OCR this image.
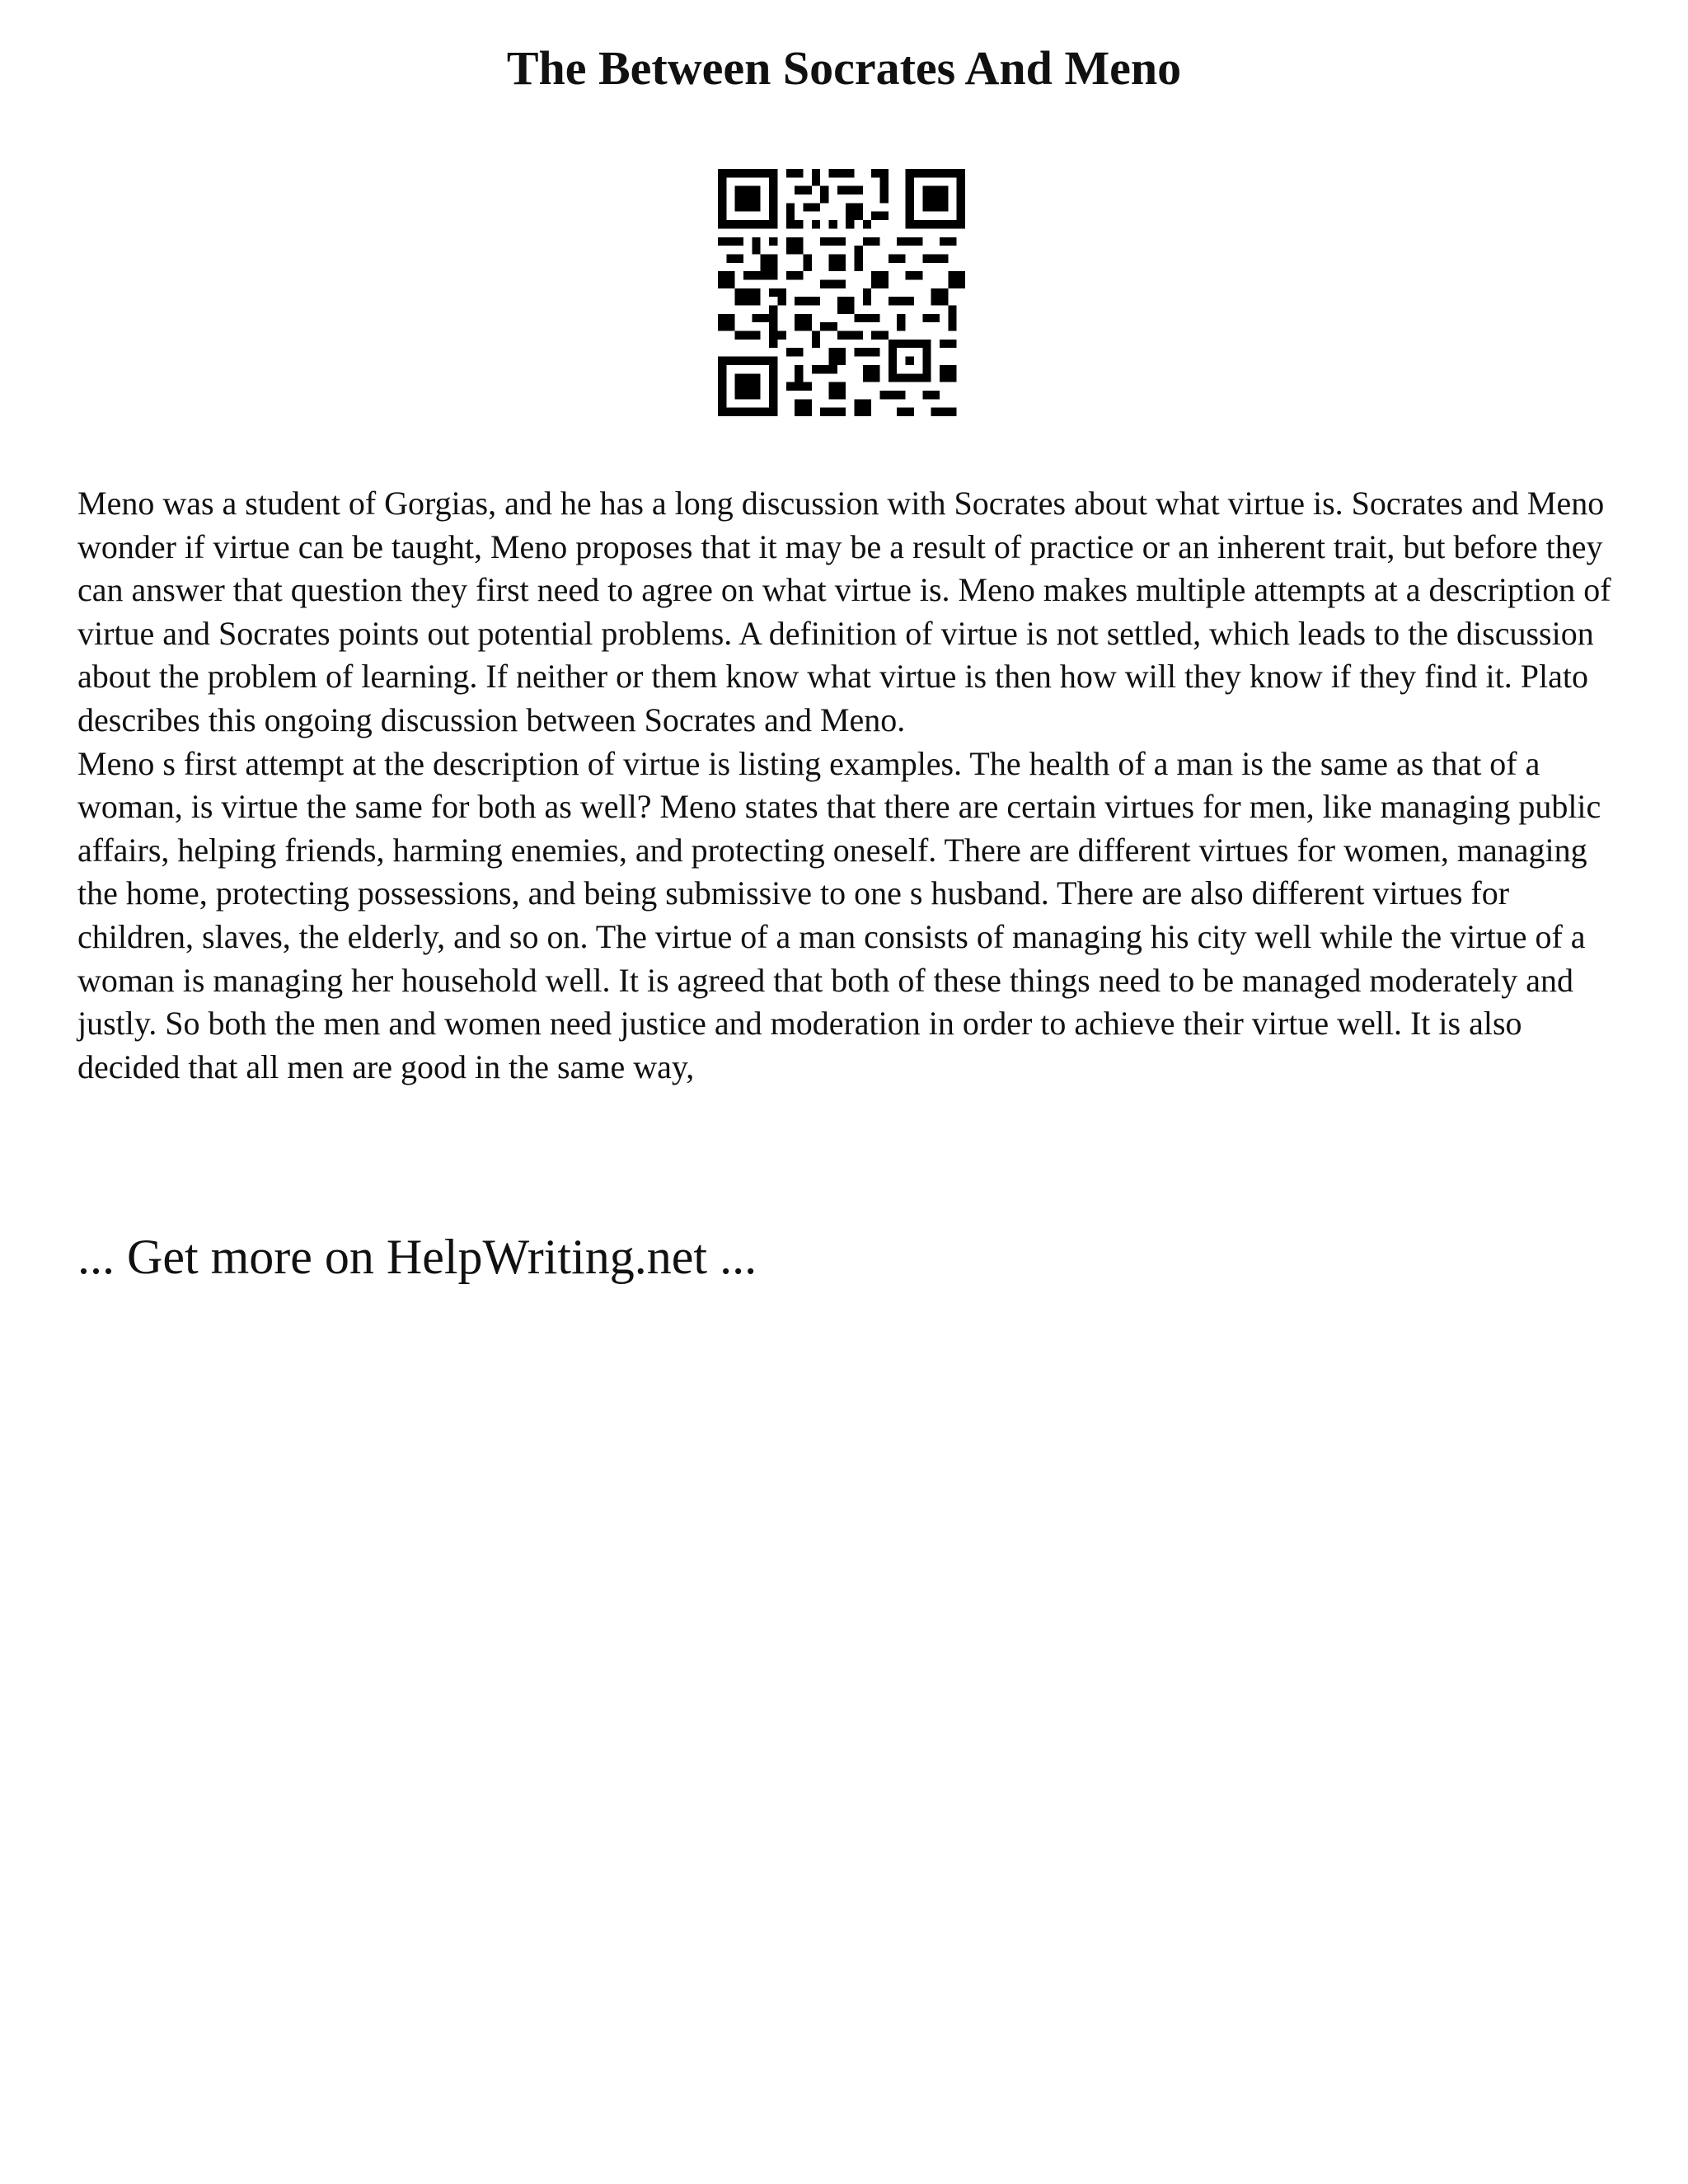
The Between Socrates And Meno

Meno was a student of Gorgias, and he has a long discussion with Socrates about what virtue is. Socrates and Meno wonder if virtue can be taught, Meno proposes that it may be a result of practice or an inherent trait, but before they can answer that question they first need to agree on what virtue is. Meno makes multiple attempts at a description of virtue and Socrates points out potential problems. A definition of virtue is not settled, which leads to the discussion about the problem of learning. If neither or them know what virtue is then how will they know if they find it. Plato describes this ongoing discussion between Socrates and Meno.

Meno s first attempt at the description of virtue is listing examples. The health of a man is the same as that of a woman, is virtue the same for both as well? Meno states that there are certain virtues for men, like managing public affairs, helping friends, harming enemies, and protecting oneself. There are different virtues for women, managing the home, protecting possessions, and being submissive to one s husband. There are also different virtues for children, slaves, the elderly, and so on. The virtue of a man consists of managing his city well while the virtue of a woman is managing her household well. It is agreed that both of these things need to be managed moderately and justly. So both the men and women need justice and moderation in order to achieve their virtue well. It is also decided that all men are good in the same way,

... Get more on HelpWriting.net ...
